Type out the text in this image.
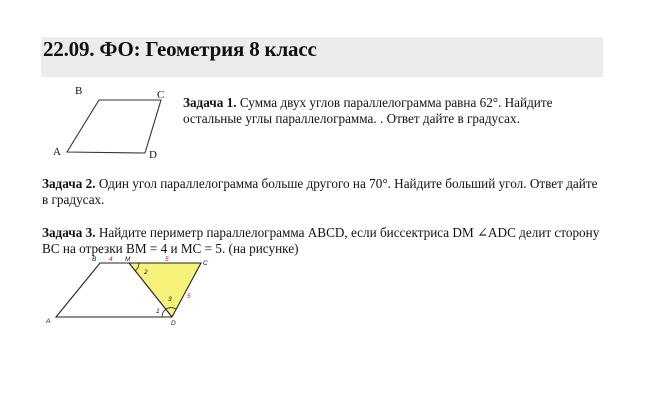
22.09. ФО: Геометрия 8 класс
B	C
A	D
Задача 1. Сумма двух углов параллелограмма равна 62°. Найдите остальные углы параллелограмма. . Ответ дайте в градусах.
Задача 2. Один угол параллелограмма больше другого на 70°. Найдите больший угол. Ответ дайте в градусах.
Задача 3. Найдите периметр параллелограмма ABCD, если биссектриса DM ∠ADC делит сторону BC на отрезки BM = 4 и MC = 5. (на рисунке)
B	M
C
A	D
4	5
5
2
3
1
